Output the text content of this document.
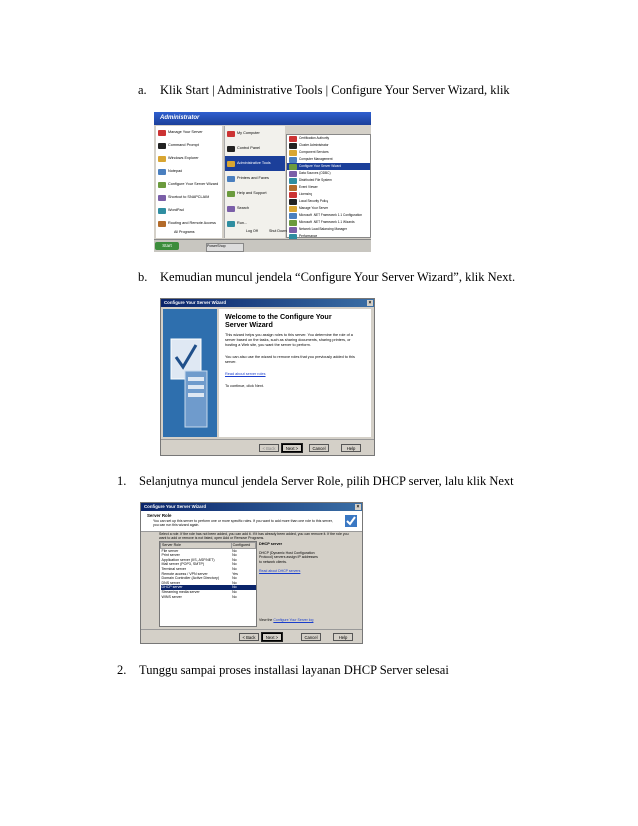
a. Klik Start | Administrative Tools | Configure Your Server Wizard, klik
Administrator
Manage Your Server
Command Prompt
Windows Explorer
Notepad
Configure Your Server Wizard
Shortcut to SNAPCLAIM
WordPad
Routing and Remote Access
My Computer
Control Panel
Administrative Tools
Printers and Faxes
Help and Support
Search
Run...
Certification Authority
Cluster Administrator
Component Services
Computer Management
Configure Your Server Wizard
Data Sources (ODBC)
Distributed File System
Event Viewer
Licensing
Local Security Policy
Manage Your Server
Microsoft .NET Framework 1.1 Configuration
Microsoft .NET Framework 1.1 Wizards
Network Load Balancing Manager
Performance
All Programs	Log Off	Shut Down
Start	PowerShop
b. Kemudian muncul jendela “Configure Your Server Wizard”, klik Next.
Configure Your Server Wizard	×
Welcome to the Configure Your Server Wizard
This wizard helps you assign roles to this server. You determine the role of a server based on the tasks, such as sharing documents, sharing printers, or hosting a Web site, you want the server to perform.
You can also use the wizard to remove roles that you previously added to this server.
Read about server roles
To continue, click Next.
< Back	Next >	Cancel	Help
1. Selanjutnya muncul jendela Server Role, pilih DHCP server, lalu klik Next
Configure Your Server Wizard	×
Server Role
You can set up this server to perform one or more specific roles. If you want to add more than one role to this server, you can run this wizard again.
Select a role. If the role has not been added, you can add it. If it has already been added, you can remove it. If the role you want to add or remove is not listed, open Add or Remove Programs.
Server Role	Configured
File server	No
Print server	No
Application server (IIS, ASP.NET)	No
Mail server (POP3, SMTP)	No
Terminal server	No
Remote access / VPN server	Yes
Domain Controller (Active Directory)	No
DNS server	No
DHCP server	No
Streaming media server	No
WINS server	No
DHCP server
DHCP (Dynamic Host Configuration Protocol) servers assign IP addresses to network clients.
Read about DHCP servers
View the Configure Your Server log
< Back	Next >	Cancel	Help
2. Tunggu sampai proses installasi layanan DHCP Server selesai
